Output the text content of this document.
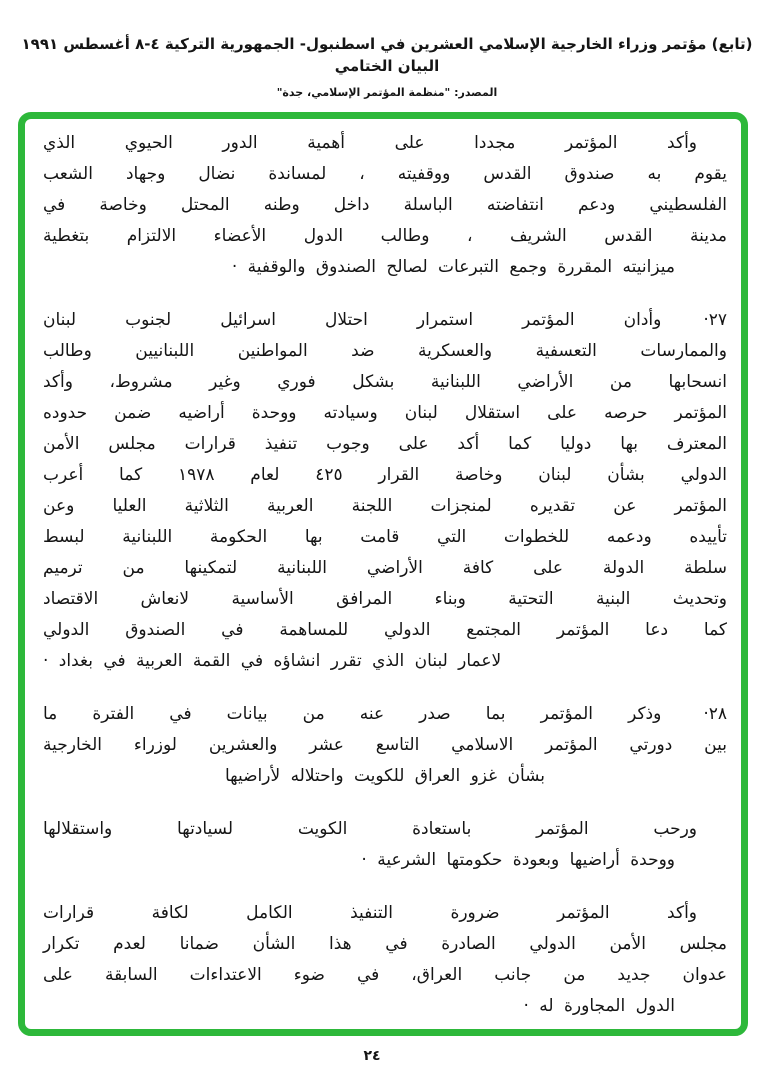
(تابع) مؤتمر وزراء الخارجية الإسلامي العشرين في اسطنبول- الجمهورية التركية ‎٤-٨‎ أغسطس ١٩٩١ البيان الختامي
المصدر: "منظمة المؤتمر الإسلامي، جدة"
وأكد المؤتمر مجددا على أهمية الدور الحيوي الذي
يقوم به صندوق القدس ووقفيته ، لمساندة نضال وجهاد الشعب
الفلسطيني ودعم انتفاضته الباسلة داخل وطنه المحتل وخاصة في
مدينة القدس الشريف ، وطالب الدول الأعضاء الالتزام بتغطية
ميزانيته المقررة وجمع التبرعات لصالح الصندوق والوقفية ·
٢٧·وأدان المؤتمر استمرار احتلال اسرائيل لجنوب لبنان
والممارسات التعسفية والعسكرية ضد المواطنين اللبنانيين وطالب
انسحابها من الأراضي اللبنانية بشكل فوري وغير مشروط، وأكد
المؤتمر حرصه على استقلال لبنان وسيادته ووحدة أراضيه ضمن حدوده
المعترف بها دوليا كما أكد على وجوب تنفيذ قرارات مجلس الأمن
الدولي بشأن لبنان وخاصة القرار ٤٢٥ لعام ١٩٧٨ كما أعرب
المؤتمر عن تقديره لمنجزات اللجنة العربية الثلاثية العليا وعن
تأييده ودعمه للخطوات التي قامت بها الحكومة اللبنانية لبسط
سلطة الدولة على كافة الأراضي اللبنانية لتمكينها من ترميم
وتحديث البنية التحتية وبناء المرافق الأساسية لانعاش الاقتصاد
كما دعا المؤتمر المجتمع الدولي للمساهمة في الصندوق الدولي
لاعمار لبنان الذي تقرر انشاؤه في القمة العربية في بغداد ·
٢٨·وذكر المؤتمر بما صدر عنه من بيانات في الفترة ما
بين دورتي المؤتمر الاسلامي التاسع عشر والعشرين لوزراء الخارجية
بشأن غزو العراق للكويت واحتلاله لأراضيها
ورحب المؤتمر باستعادة الكويت لسيادتها واستقلالها
ووحدة أراضيها وبعودة حكومتها الشرعية ·
وأكد المؤتمر ضرورة التنفيذ الكامل لكافة قرارات
مجلس الأمن الدولي الصادرة في هذا الشأن ضمانا لعدم تكرار
عدوان جديد من جانب العراق، في ضوء الاعتداءات السابقة على
الدول المجاورة له ·
٢٤
